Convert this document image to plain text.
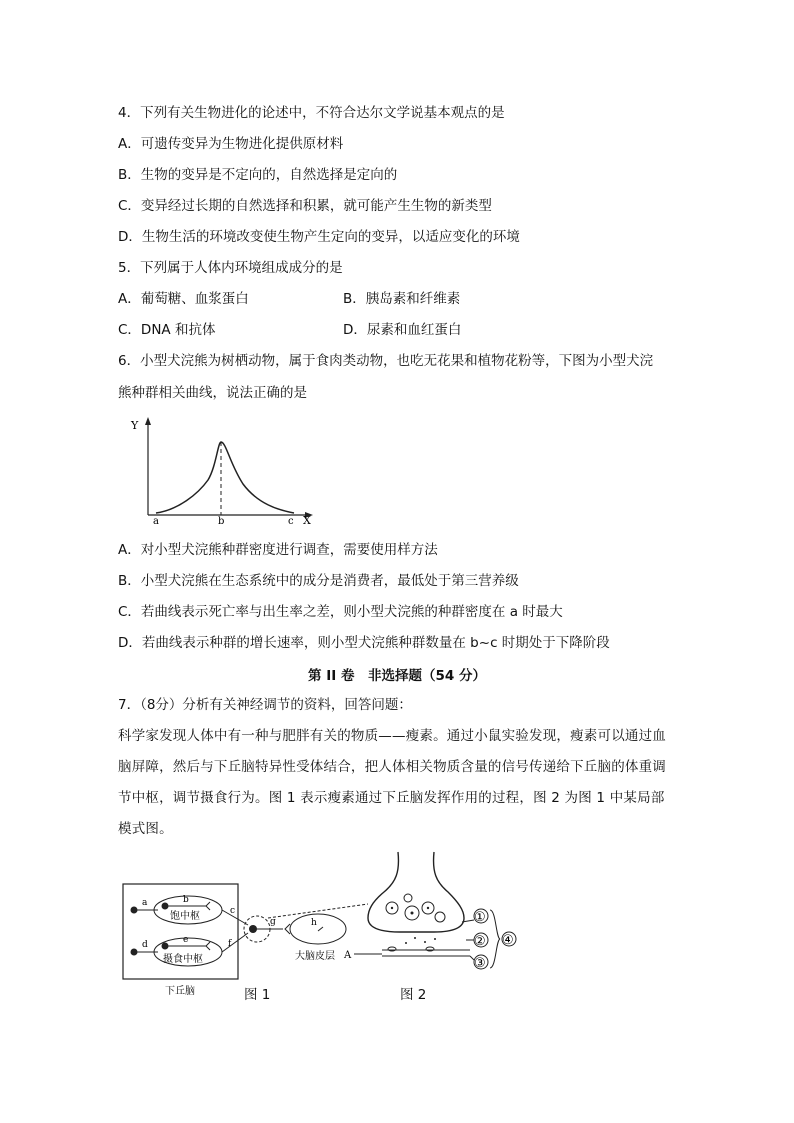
4．下列有关生物进化的论述中，不符合达尔文学说基本观点的是
A．可遗传变异为生物进化提供原材料
B．生物的变异是不定向的，自然选择是定向的
C．变异经过长期的自然选择和积累，就可能产生生物的新类型
D．生物生活的环境改变使生物产生定向的变异，以适应变化的环境
5．下列属于人体内环境组成成分的是
A．葡萄糖、血浆蛋白	B．胰岛素和纤维素
C．DNA 和抗体	D．尿素和血红蛋白
6．小型犬浣熊为树栖动物，属于食肉类动物，也吃无花果和植物花粉等，下图为小型犬浣
熊种群相关曲线，说法正确的是
Y
X
a	b	c
A．对小型犬浣熊种群密度进行调查，需要使用样方法
B．小型犬浣熊在生态系统中的成分是消费者，最低处于第三营养级
C．若曲线表示死亡率与出生率之差，则小型犬浣熊的种群密度在 a 时最大
D．若曲线表示种群的增长速率，则小型犬浣熊种群数量在 b~c 时期处于下降阶段
第 II 卷　非选择题（54 分）
7．（8分）分析有关神经调节的资料，回答问题：
科学家发现人体中有一种与肥胖有关的物质——瘦素。通过小鼠实验发现，瘦素可以通过血脑屏障，然后与下丘脑特异性受体结合，把人体相关物质含量的信号传递给下丘脑的体重调节中枢，调节摄食行为。图 1 表示瘦素通过下丘脑发挥作用的过程，图 2 为图 1 中某局部模式图。
下丘脑
饱中枢
摄食中枢
a	b
c
d	e	f
g	h
大脑皮层 A
①
②
③
④
图 1	图 2
